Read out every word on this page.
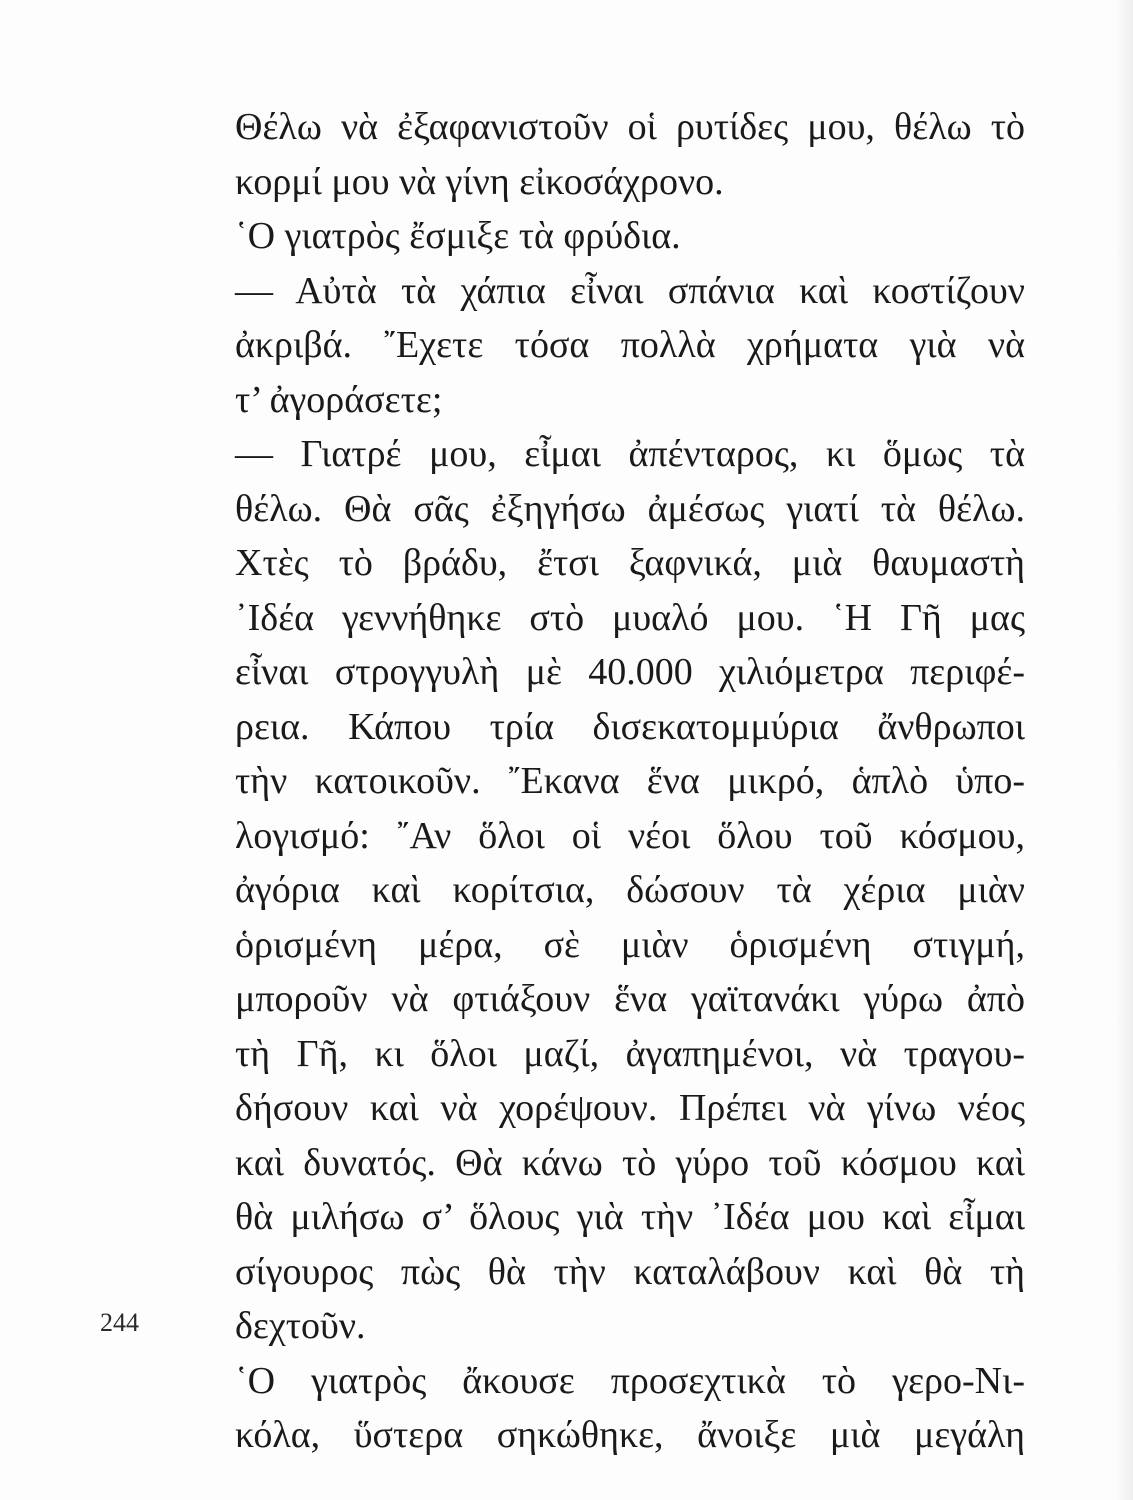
Θέλω νὰ ἐξαφανιστοῦν οἱ ρυτίδες μου, θέλω τὸ
κορμί μου νὰ γίνη εἰκοσάχρονο.
῾Ο γιατρὸς ἔσμιξε τὰ φρύδια.
— Αὐτὰ τὰ χάπια εἶναι σπάνια καὶ κοστίζουν
ἀκριβά. ῎Εχετε τόσα πολλὰ χρήματα γιὰ νὰ
τ’ ἀγοράσετε;
— Γιατρέ μου, εἶμαι ἀπένταρος, κι ὅμως τὰ
θέλω. Θὰ σᾶς ἐξηγήσω ἀμέσως γιατί τὰ θέλω.
Χτὲς τὸ βράδυ, ἔτσι ξαφνικά, μιὰ θαυμαστὴ
᾿Ιδέα γεννήθηκε στὸ μυαλό μου. ῾Η Γῆ μας
εἶναι στρογγυλὴ μὲ 40.000 χιλιόμετρα περιφέ-
ρεια. Κάπου τρία δισεκατομμύρια ἄνθρωποι
τὴν κατοικοῦν. ῎Εκανα ἕνα μικρό, ἁπλὸ ὑπο-
λογισμό: ῎Αν ὅλοι οἱ νέοι ὅλου τοῦ κόσμου,
ἀγόρια καὶ κορίτσια, δώσουν τὰ χέρια μιὰν
ὁρισμένη μέρα, σὲ μιὰν ὁρισμένη στιγμή,
μποροῦν νὰ φτιάξουν ἕνα γαϊτανάκι γύρω ἀπὸ
τὴ Γῆ, κι ὅλοι μαζί, ἀγαπημένοι, νὰ τραγου-
δήσουν καὶ νὰ χορέψουν. Πρέπει νὰ γίνω νέος
καὶ δυνατός. Θὰ κάνω τὸ γύρο τοῦ κόσμου καὶ
θὰ μιλήσω σ’ ὅλους γιὰ τὴν ᾿Ιδέα μου καὶ εἶμαι
σίγουρος πὼς θὰ τὴν καταλάβουν καὶ θὰ τὴ
δεχτοῦν.
῾Ο γιατρὸς ἄκουσε προσεχτικὰ τὸ γερο-Νι-
κόλα, ὕστερα σηκώθηκε, ἄνοιξε μιὰ μεγάλη
244
